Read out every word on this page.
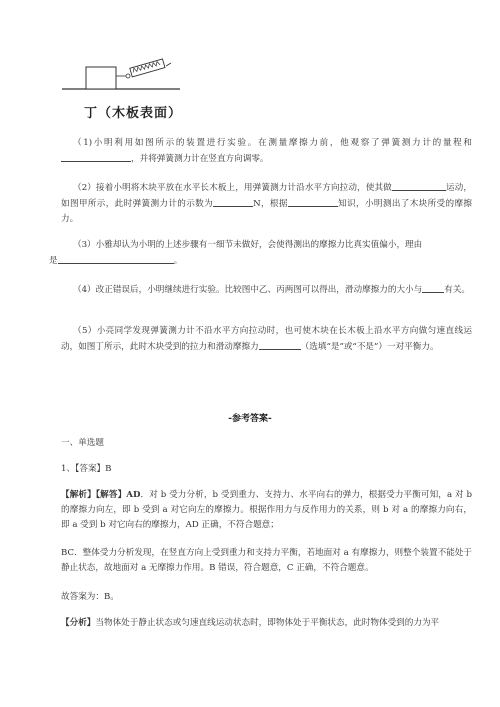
丁（木板表面）
（1)小明利用如图所示的装置进行实验。在测量摩擦力前，他观察了弹簧测力计的量程和，并将弹簧测力计在竖直方向调零。
（2）接着小明将木块平放在水平长木板上，用弹簧测力计沿水平方向拉动，使其做	运动，如图甲所示，此时弹簧测力计的示数为	N，根据	知识，小明测出了木块所受的摩擦力。
（3）小雅却认为小明的上述步骤有一细节未做好，会使得测出的摩擦力比真实值偏小，理由
是	。
（4）改正错误后，小明继续进行实验。比较图中乙、丙两图可以得出，滑动摩擦力的大小与	有关。
（5）小亮同学发现弹簧测力计不沿水平方向拉动时，也可使木块在长木板上沿水平方向做匀速直线运动，如图丁所示，此时木块受到的拉力和滑动摩擦力	（选填“是”或“不是”）一对平衡力。
-参考答案-
一、单选题
1、【答案】B
【解析】【解答】AD．对 b 受力分析，b 受到重力、支持力、水平向右的弹力，根据受力平衡可知，a 对 b 的摩擦力向左，即 b 受到 a 对它向左的摩擦力。根据作用力与反作用力的关系，则 b 对 a 的摩擦力向右，即 a 受到 b 对它向右的摩擦力，AD 正确，不符合题意；
BC．整体受力分析发现，在竖直方向上受到重力和支持力平衡，若地面对 a 有摩擦力，则整个装置不能处于静止状态，故地面对 a 无摩擦力作用。B 错误，符合题意，C 正确，不符合题意。
故答案为：B。
【分析】当物体处于静止状态或匀速直线运动状态时，即物体处于平衡状态，此时物体受到的力为平
